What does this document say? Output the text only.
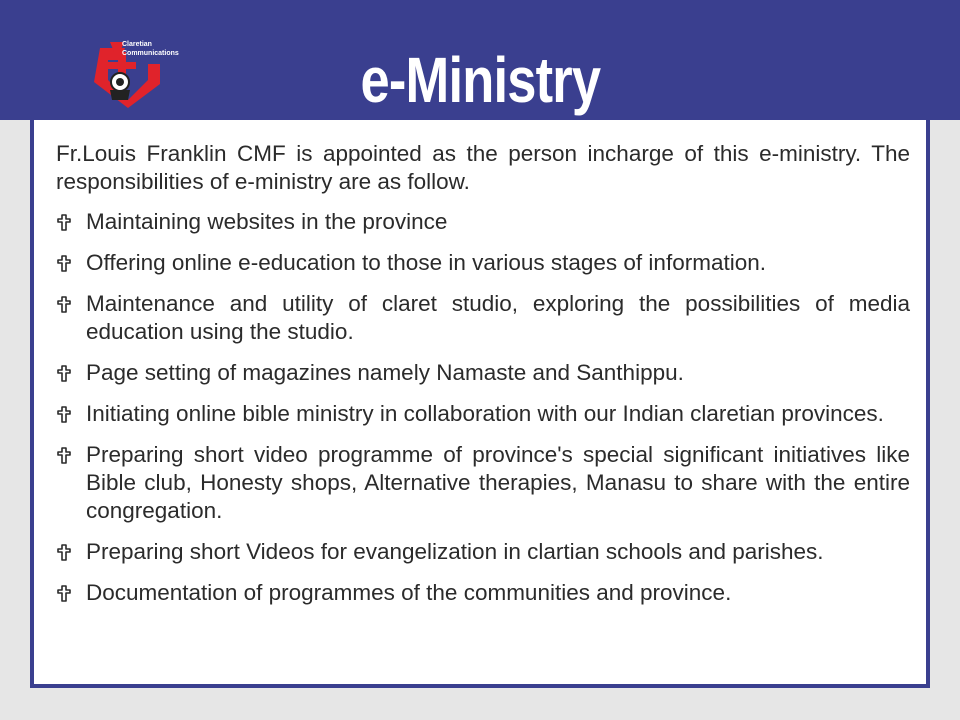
Claretian
Communications	e-Ministry

Fr.Louis Franklin CMF is appointed as the person incharge of this e-ministry. The responsibilities of e-ministry are as follow.

Maintaining websites in the province
Offering online e-education to those in various stages of information.
Maintenance and utility of claret studio, exploring the possibilities of media education using the studio.
Page setting of magazines namely Namaste and Santhippu.
Initiating online bible ministry in collaboration with our Indian claretian provinces.
Preparing short video programme of province's special significant initiatives like Bible club, Honesty shops, Alternative therapies, Manasu to share with the entire congregation.
Preparing short Videos for evangelization in clartian schools and parishes.
Documentation of programmes of the communities and province.
